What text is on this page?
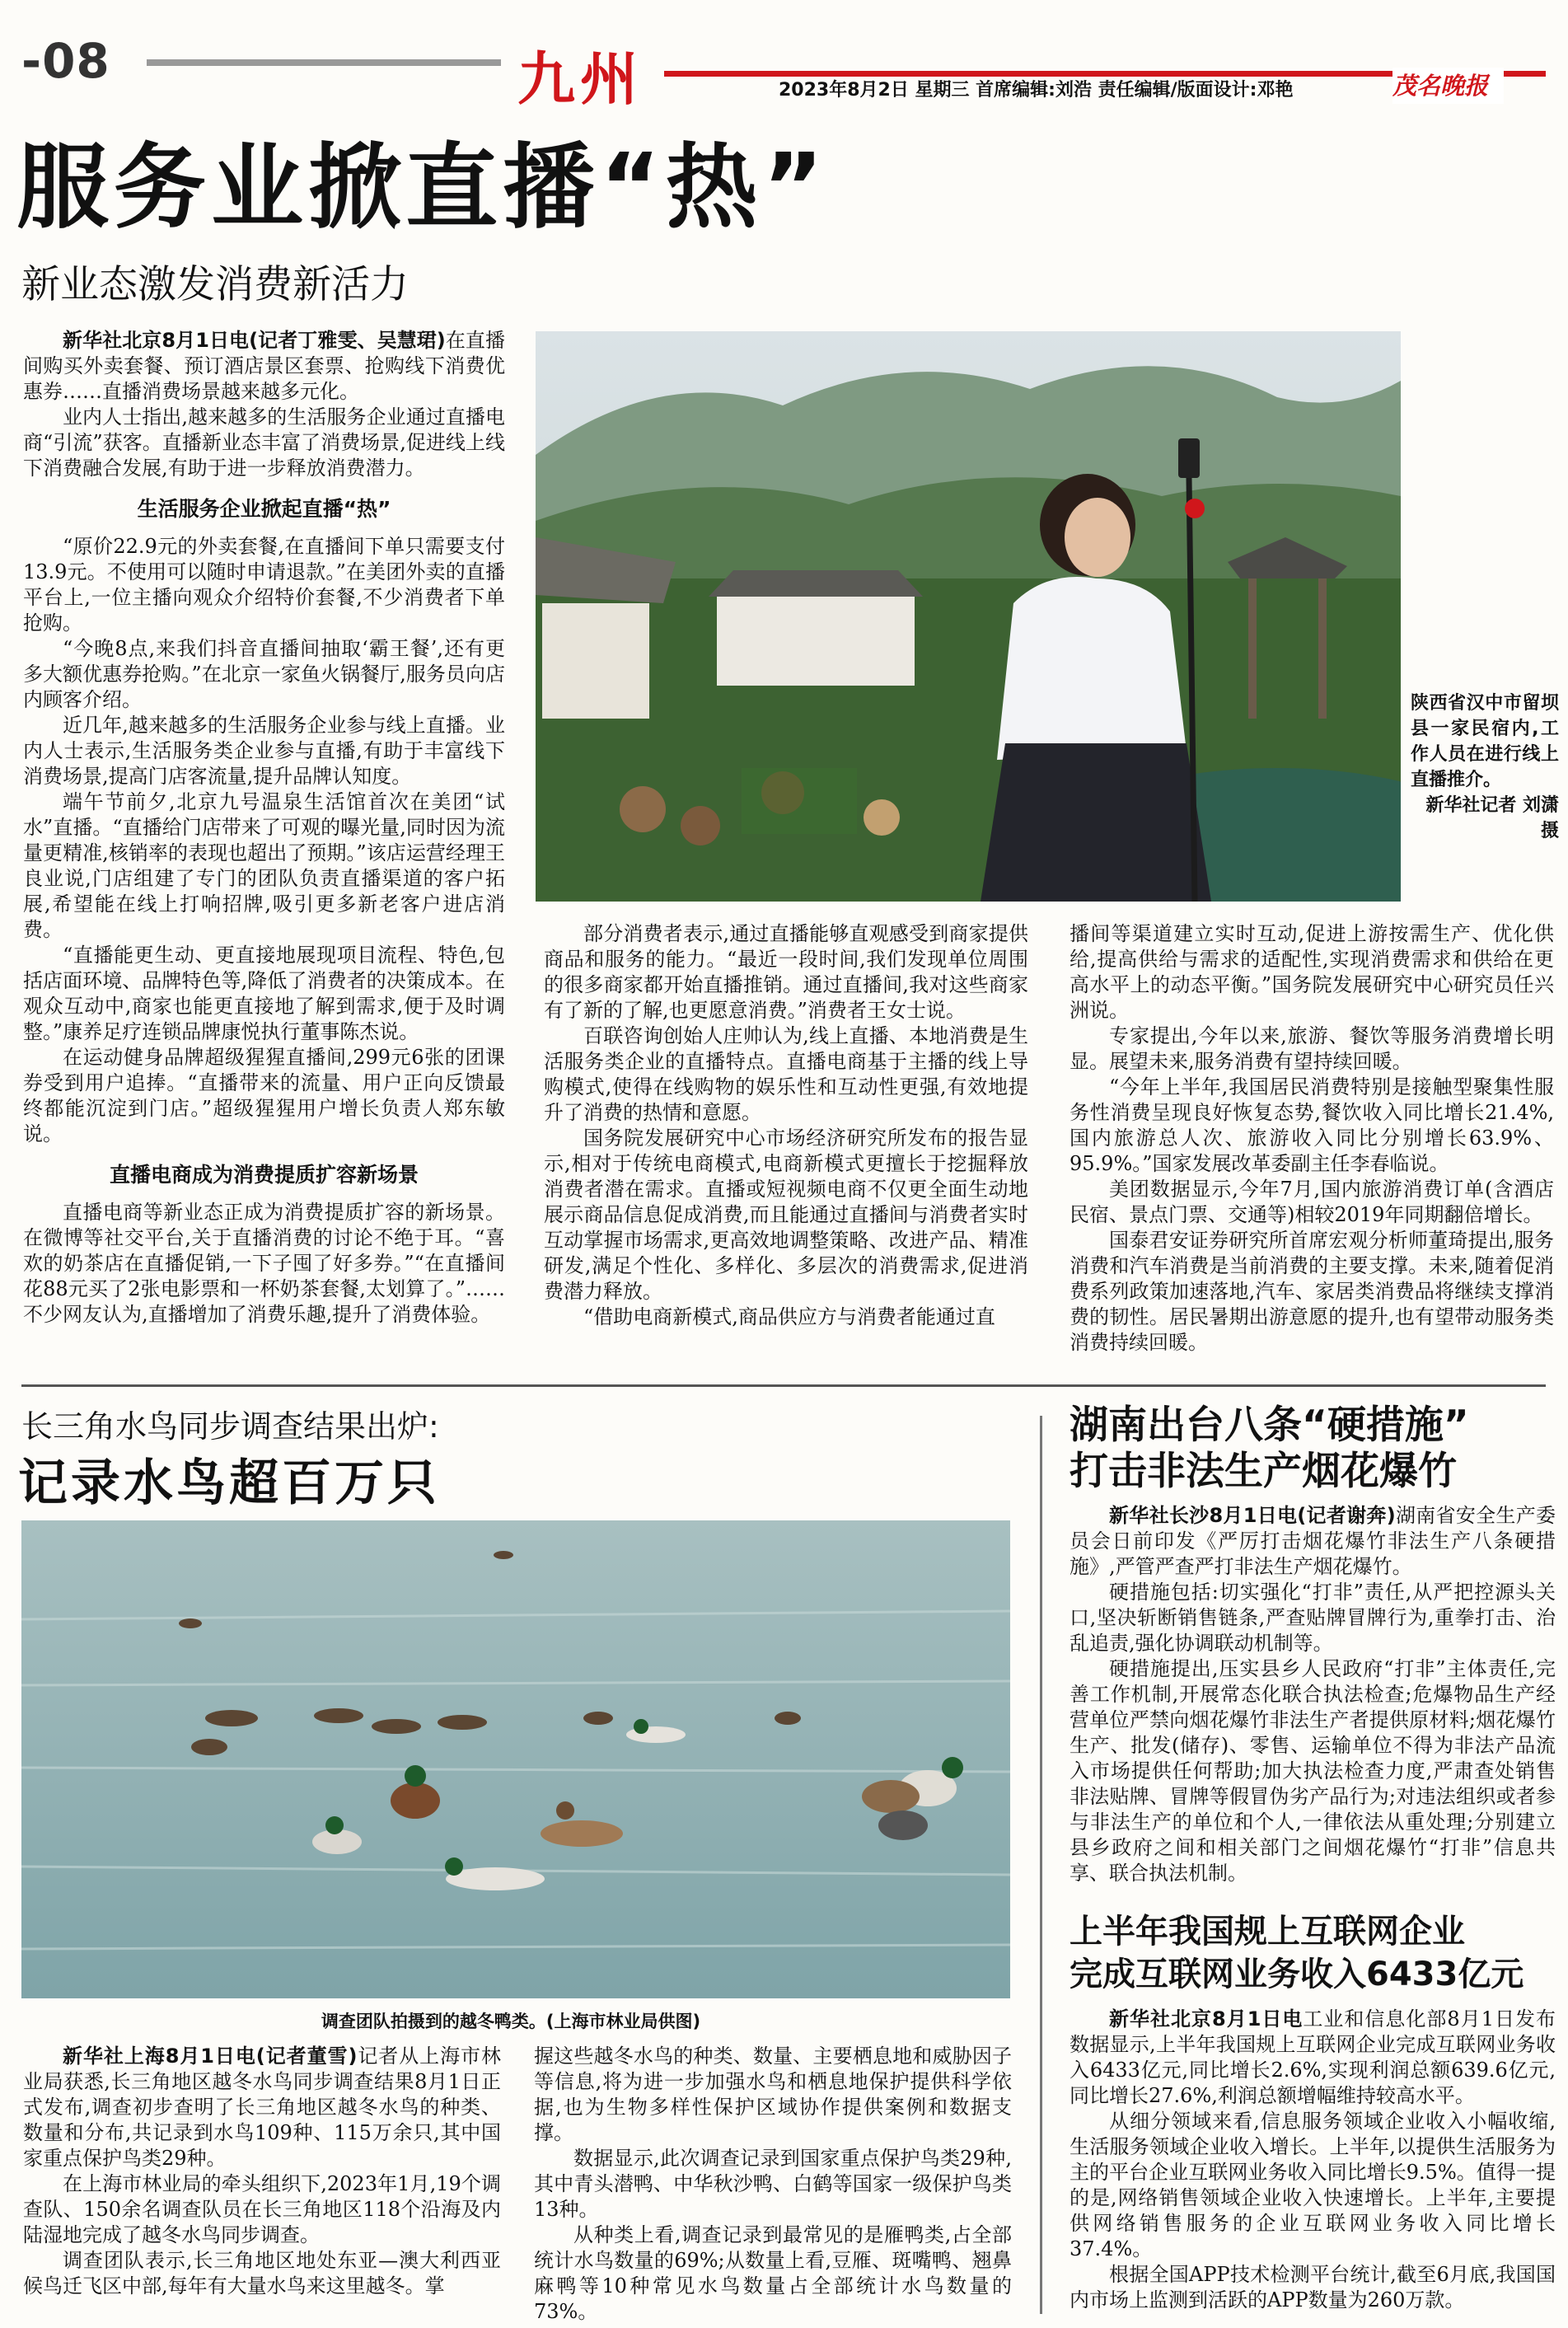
-08	九州	2023年8月2日 星期三 首席编辑:刘浩 责任编辑/版面设计:邓艳	茂名晚报
服务业掀直播“热”
新业态激发消费新活力

新华社北京8月1日电(记者丁雅雯、吴慧珺)在直播间购买外卖套餐、预订酒店景区套票、抢购线下消费优惠券……直播消费场景越来越多元化。

业内人士指出,越来越多的生活服务企业通过直播电商“引流”获客。直播新业态丰富了消费场景,促进线上线下消费融合发展,有助于进一步释放消费潜力。

生活服务企业掀起直播“热”

“原价22.9元的外卖套餐,在直播间下单只需要支付13.9元。不使用可以随时申请退款。”在美团外卖的直播平台上,一位主播向观众介绍特价套餐,不少消费者下单抢购。

“今晚8点,来我们抖音直播间抽取‘霸王餐’,还有更多大额优惠券抢购。”在北京一家鱼火锅餐厅,服务员向店内顾客介绍。

近几年,越来越多的生活服务企业参与线上直播。业内人士表示,生活服务类企业参与直播,有助于丰富线下消费场景,提高门店客流量,提升品牌认知度。

端午节前夕,北京九号温泉生活馆首次在美团“试水”直播。“直播给门店带来了可观的曝光量,同时因为流量更精准,核销率的表现也超出了预期。”该店运营经理王良业说,门店组建了专门的团队负责直播渠道的客户拓展,希望能在线上打响招牌,吸引更多新老客户进店消费。

“直播能更生动、更直接地展现项目流程、特色,包括店面环境、品牌特色等,降低了消费者的决策成本。在观众互动中,商家也能更直接地了解到需求,便于及时调整。”康养足疗连锁品牌康悦执行董事陈杰说。

在运动健身品牌超级猩猩直播间,299元6张的团课券受到用户追捧。“直播带来的流量、用户正向反馈最终都能沉淀到门店。”超级猩猩用户增长负责人郑东敏说。

直播电商成为消费提质扩容新场景

直播电商等新业态正成为消费提质扩容的新场景。在微博等社交平台,关于直播消费的讨论不绝于耳。“喜欢的奶茶店在直播促销,一下子囤了好多券。”“在直播间花88元买了2张电影票和一杯奶茶套餐,太划算了。”……不少网友认为,直播增加了消费乐趣,提升了消费体验。

陕西省汉中市留坝县一家民宿内,工作人员在进行线上直播推介。

新华社记者 刘潇 摄

部分消费者表示,通过直播能够直观感受到商家提供商品和服务的能力。“最近一段时间,我们发现单位周围的很多商家都开始直播推销。通过直播间,我对这些商家有了新的了解,也更愿意消费。”消费者王女士说。

百联咨询创始人庄帅认为,线上直播、本地消费是生活服务类企业的直播特点。直播电商基于主播的线上导购模式,使得在线购物的娱乐性和互动性更强,有效地提升了消费的热情和意愿。

国务院发展研究中心市场经济研究所发布的报告显示,相对于传统电商模式,电商新模式更擅长于挖掘释放消费者潜在需求。直播或短视频电商不仅更全面生动地展示商品信息促成消费,而且能通过直播间与消费者实时互动掌握市场需求,更高效地调整策略、改进产品、精准研发,满足个性化、多样化、多层次的消费需求,促进消费潜力释放。

“借助电商新模式,商品供应方与消费者能通过直

播间等渠道建立实时互动,促进上游按需生产、优化供给,提高供给与需求的适配性,实现消费需求和供给在更高水平上的动态平衡。”国务院发展研究中心研究员任兴洲说。

专家提出,今年以来,旅游、餐饮等服务消费增长明显。展望未来,服务消费有望持续回暖。

“今年上半年,我国居民消费特别是接触型聚集性服务性消费呈现良好恢复态势,餐饮收入同比增长21.4%,国内旅游总人次、旅游收入同比分别增长63.9%、95.9%。”国家发展改革委副主任李春临说。

美团数据显示,今年7月,国内旅游消费订单(含酒店民宿、景点门票、交通等)相较2019年同期翻倍增长。

国泰君安证券研究所首席宏观分析师董琦提出,服务消费和汽车消费是当前消费的主要支撑。未来,随着促消费系列政策加速落地,汽车、家居类消费品将继续支撑消费的韧性。居民暑期出游意愿的提升,也有望带动服务类消费持续回暖。

长三角水鸟同步调查结果出炉:
记录水鸟超百万只
调查团队拍摄到的越冬鸭类。(上海市林业局供图)

新华社上海8月1日电(记者董雪)记者从上海市林业局获悉,长三角地区越冬水鸟同步调查结果8月1日正式发布,调查初步查明了长三角地区越冬水鸟的种类、数量和分布,共记录到水鸟109种、115万余只,其中国家重点保护鸟类29种。

在上海市林业局的牵头组织下,2023年1月,19个调查队、150余名调查队员在长三角地区118个沿海及内陆湿地完成了越冬水鸟同步调查。

调查团队表示,长三角地区地处东亚—澳大利西亚候鸟迁飞区中部,每年有大量水鸟来这里越冬。掌

握这些越冬水鸟的种类、数量、主要栖息地和威胁因子等信息,将为进一步加强水鸟和栖息地保护提供科学依据,也为生物多样性保护区域协作提供案例和数据支撑。

数据显示,此次调查记录到国家重点保护鸟类29种,其中青头潜鸭、中华秋沙鸭、白鹤等国家一级保护鸟类13种。

从种类上看,调查记录到最常见的是雁鸭类,占全部统计水鸟数量的69%;从数量上看,豆雁、斑嘴鸭、翘鼻麻鸭等10种常见水鸟数量占全部统计水鸟数量的73%。

湖南出台八条“硬措施”
打击非法生产烟花爆竹

新华社长沙8月1日电(记者谢奔)湖南省安全生产委员会日前印发《严厉打击烟花爆竹非法生产八条硬措施》,严管严查严打非法生产烟花爆竹。

硬措施包括:切实强化“打非”责任,从严把控源头关口,坚决斩断销售链条,严查贴牌冒牌行为,重拳打击、治乱追责,强化协调联动机制等。

硬措施提出,压实县乡人民政府“打非”主体责任,完善工作机制,开展常态化联合执法检查;危爆物品生产经营单位严禁向烟花爆竹非法生产者提供原材料;烟花爆竹生产、批发(储存)、零售、运输单位不得为非法产品流入市场提供任何帮助;加大执法检查力度,严肃查处销售非法贴牌、冒牌等假冒伪劣产品行为;对违法组织或者参与非法生产的单位和个人,一律依法从重处理;分别建立县乡政府之间和相关部门之间烟花爆竹“打非”信息共享、联合执法机制。

上半年我国规上互联网企业
完成互联网业务收入6433亿元

新华社北京8月1日电工业和信息化部8月1日发布数据显示,上半年我国规上互联网企业完成互联网业务收入6433亿元,同比增长2.6%,实现利润总额639.6亿元,同比增长27.6%,利润总额增幅维持较高水平。

从细分领域来看,信息服务领域企业收入小幅收缩,生活服务领域企业收入增长。上半年,以提供生活服务为主的平台企业互联网业务收入同比增长9.5%。值得一提的是,网络销售领域企业收入快速增长。上半年,主要提供网络销售服务的企业互联网业务收入同比增长37.4%。

根据全国APP技术检测平台统计,截至6月底,我国国内市场上监测到活跃的APP数量为260万款。
